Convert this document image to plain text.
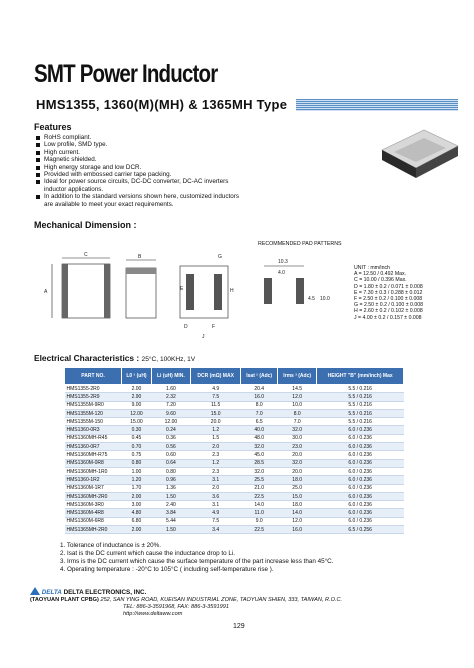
SMT Power Inductor
HMS1355, 1360(M)(MH) & 1365MH Type
Features
RoHS compliant.
Low profile, SMD type.
High current.
Magnetic shielded.
High energy storage and low DCR.
Provided with embossed carrier tape packing.
Ideal for power source circuits, DC-DC converter, DC-AC inverters
inductor applications.
In addition to the standard versions shown here, customized inductors
are available to meet your exact requirements.
Mechanical Dimension :
RECOMMENDED PAD PATTERNS
C
A
B	G
E	H
D	F
J
10.3
4.0
4.5 10.0
UNIT : mm/inch
A = 12.50 / 0.492 Max.
C = 10.00 / 0.396 Max.
D = 1.80 ± 0.2 / 0.071 ± 0.008
E = 7.30 ± 0.3 / 0.288 ± 0.012
F = 2.50 ± 0.2 / 0.100 ± 0.008
G = 2.50 ± 0.2 / 0.100 ± 0.008
H = 2.60 ± 0.2 / 0.102 ± 0.008
J = 4.00 ± 0.2 / 0.157 ± 0.008
Electrical Characteristics : 25°C, 100KHz, 1V
PART NO.	L0 ¹ (uH)	Li (uH) MIN.	DCR (mΩ) MAX	Isat ² (Adc)	Irms ³ (Adc)	HEIGHT "B" (mm/inch) Max
HMS1355-2R0	2.00	1.60	4.9	20.4	14.5	5.5 / 0.216
HMS1355-2R9	2.90	2.32	7.5	16.0	12.0	5.5 / 0.216
HMS1355M-9R0	9.00	7.20	11.5	8.0	10.0	5.5 / 0.216
HMS1355M-120	12.00	9.60	15.0	7.0	8.0	5.5 / 0.216
HMS1355M-150	15.00	12.00	20.0	6.5	7.0	5.5 / 0.216
HMS1360-0R3	0.30	0.24	1.2	40.0	32.0	6.0 / 0.236
HMS1360MH-R45	0.45	0.36	1.5	48.0	30.0	6.0 / 0.236
HMS1360-0R7	0.70	0.56	2.0	32.0	23.0	6.0 / 0.236
HMS1360MH-R75	0.75	0.60	2.3	45.0	20.0	6.0 / 0.236
HMS1360M-0R8	0.80	0.64	1.2	28.5	32.0	6.0 / 0.236
HMS1360MH-1R0	1.00	0.80	2.3	32.0	20.0	6.0 / 0.236
HMS1360-1R2	1.20	0.96	3.1	25.5	18.0	6.0 / 0.236
HMS1360M-1R7	1.70	1.36	2.0	21.0	25.0	6.0 / 0.236
HMS1360MH-2R0	2.00	1.50	3.6	22.5	15.0	6.0 / 0.236
HMS1360M-3R0	3.00	2.40	3.1	14.0	18.0	6.0 / 0.236
HMS1360M-4R8	4.80	3.84	4.9	11.0	14.0	6.0 / 0.236
HMS1360M-6R8	6.80	5.44	7.5	9.0	12.0	6.0 / 0.236
HMS1365MH-2R0	2.00	1.50	3.4	22.5	16.0	6.5 / 0.256
1. Tolerance of inductance is ± 20%.
2. Isat is the DC current which cause the inductance drop to Li.
3. Irms is the DC current which cause the surface temperature of the part increase less than 45°C.
4. Operating temperature : -20°C to 105°C ( including self-temperature rise ).
DELTA DELTA ELECTRONICS, INC.
(TAOYUAN PLANT CPBG) 252, SAN YING ROAD, KUEISAN INDUSTRIAL ZONE, TAOYUAN SHIEN, 333, TAIWAN, R.O.C.
TEL: 886-3-3591968, FAX: 886-3-3591991
http://www.deltaww.com
129
